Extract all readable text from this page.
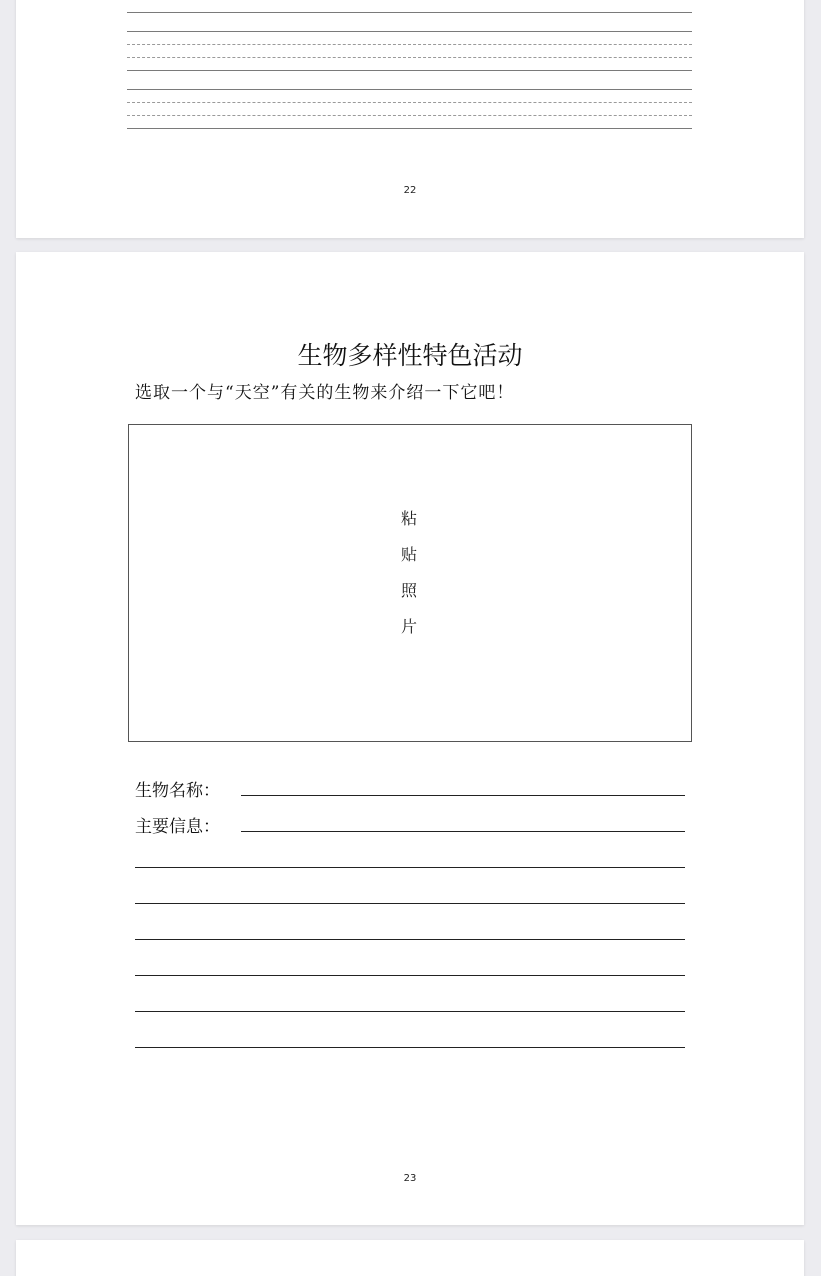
22
生物多样性特色活动
选取一个与“天空”有关的生物来介绍一下它吧！
粘
贴
照
片
生物名称：
主要信息：
23
